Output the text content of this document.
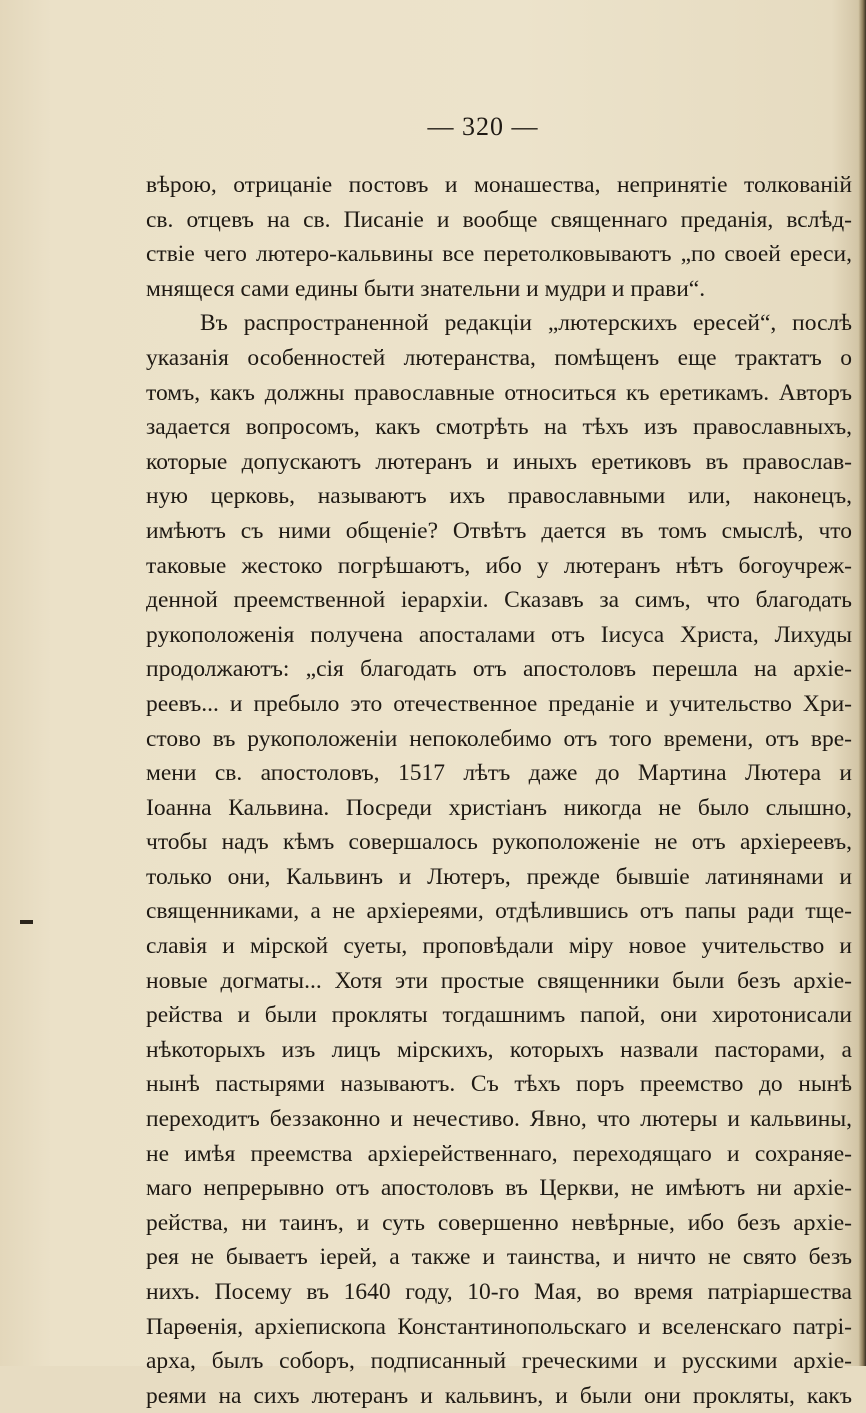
— 320 —
вѣрою, отрицаніе постовъ и монашества, непринятіе толкованій
св. отцевъ на св. Писаніе и вообще священнаго преданія, вслѣд-
ствіе чего лютеро-кальвины все перетолковываютъ „по своей ереси,
мнящеся сами едины быти знательни и мудри и прави“.
Въ распространенной редакціи „лютерскихъ ересей“, послѣ
указанія особенностей лютеранства, помѣщенъ еще трактатъ о
томъ, какъ должны православные относиться къ еретикамъ. Авторъ
задается вопросомъ, какъ смотрѣть на тѣхъ изъ православныхъ,
которые допускаютъ лютеранъ и иныхъ еретиковъ въ православ-
ную церковь, называютъ ихъ православными или, наконецъ,
имѣютъ съ ними общеніе? Отвѣтъ дается въ томъ смыслѣ, что
таковые жестоко погрѣшаютъ, ибо у лютеранъ нѣтъ богоучреж-
денной преемственной іерархіи. Сказавъ за симъ, что благодать
рукоположенія получена апосталами отъ Іисуса Христа, Лихуды
продолжаютъ: „сія благодать отъ апостоловъ перешла на архіе-
реевъ... и пребыло это отечественное преданіе и учительство Хри-
стово въ рукоположеніи непоколебимо отъ того времени, отъ вре-
мени св. апостоловъ, 1517 лѣтъ даже до Мартина Лютера и
Іоанна Кальвина. Посреди христіанъ никогда не было слышно,
чтобы надъ кѣмъ совершалось рукоположеніе не отъ архіереевъ,
только они, Кальвинъ и Лютеръ, прежде бывшіе латинянами и
священниками, а не архіереями, отдѣлившись отъ папы ради тще-
славія и мірской суеты, проповѣдали міру новое учительство и
новые догматы... Хотя эти простые священники были безъ архіе-
рейства и были прокляты тогдашнимъ папой, они хиротонисали
нѣкоторыхъ изъ лицъ мірскихъ, которыхъ назвали пасторами, а
нынѣ пастырями называютъ. Съ тѣхъ поръ преемство до нынѣ
переходитъ беззаконно и нечестиво. Явно, что лютеры и кальвины,
не имѣя преемства архіерейственнаго, переходящаго и сохраняе-
маго непрерывно отъ апостоловъ въ Церкви, не имѣютъ ни архіе-
рейства, ни таинъ, и суть совершенно невѣрные, ибо безъ архіе-
рея не бываетъ іерей, а также и таинства, и ничто не свято безъ
нихъ. Посему въ 1640 году, 10-го Мая, во время патріаршества
Парѳенія, архіепископа Константинопольскаго и вселенскаго патрі-
арха, былъ соборъ, подписанный греческими и русскими архіе-
реями на сихъ лютеранъ и кальвинъ, и были они прокляты, какъ
